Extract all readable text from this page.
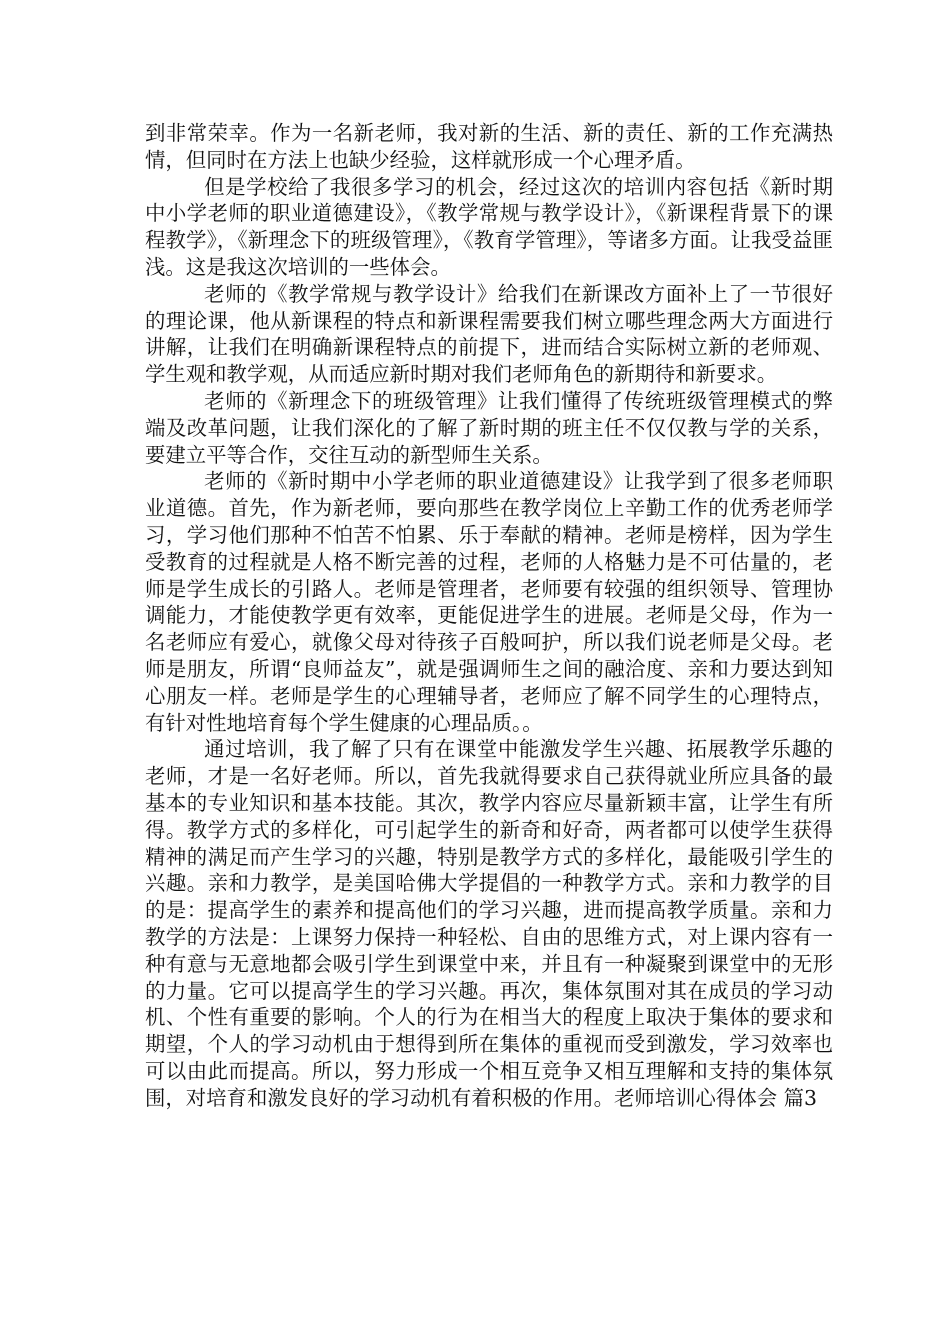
到非常荣幸。作为一名新老师，我对新的生活、新的责任、新的工作充满热情，但同时在方法上也缺少经验，这样就形成一个心理矛盾。

但是学校给了我很多学习的机会，经过这次的培训内容包括《新时期中小学老师的职业道德建设》，《教学常规与教学设计》，《新课程背景下的课程教学》，《新理念下的班级管理》，《教育学管理》，等诸多方面。让我受益匪浅。这是我这次培训的一些体会。

老师的《教学常规与教学设计》给我们在新课改方面补上了一节很好的理论课，他从新课程的特点和新课程需要我们树立哪些理念两大方面进行讲解，让我们在明确新课程特点的前提下，进而结合实际树立新的老师观、学生观和教学观，从而适应新时期对我们老师角色的新期待和新要求。

老师的《新理念下的班级管理》让我们懂得了传统班级管理模式的弊端及改革问题，让我们深化的了解了新时期的班主任不仅仅教与学的关系，要建立平等合作，交往互动的新型师生关系。

老师的《新时期中小学老师的职业道德建设》让我学到了很多老师职业道德。首先，作为新老师，要向那些在教学岗位上辛勤工作的优秀老师学习，学习他们那种不怕苦不怕累、乐于奉献的精神。老师是榜样，因为学生受教育的过程就是人格不断完善的过程，老师的人格魅力是不可估量的，老师是学生成长的引路人。老师是管理者，老师要有较强的组织领导、管理协调能力，才能使教学更有效率，更能促进学生的进展。老师是父母，作为一名老师应有爱心，就像父母对待孩子百般呵护，所以我们说老师是父母。老师是朋友，所谓“良师益友”，就是强调师生之间的融洽度、亲和力要达到知心朋友一样。老师是学生的心理辅导者，老师应了解不同学生的心理特点，有针对性地培育每个学生健康的心理品质。。

通过培训，我了解了只有在课堂中能激发学生兴趣、拓展教学乐趣的老师，才是一名好老师。所以，首先我就得要求自己获得就业所应具备的最基本的专业知识和基本技能。其次，教学内容应尽量新颖丰富，让学生有所得。教学方式的多样化，可引起学生的新奇和好奇，两者都可以使学生获得精神的满足而产生学习的兴趣，特别是教学方式的多样化，最能吸引学生的兴趣。亲和力教学，是美国哈佛大学提倡的一种教学方式。亲和力教学的目的是：提高学生的素养和提高他们的学习兴趣，进而提高教学质量。亲和力教学的方法是：上课努力保持一种轻松、自由的思维方式，对上课内容有一种有意与无意地都会吸引学生到课堂中来，并且有一种凝聚到课堂中的无形的力量。它可以提高学生的学习兴趣。再次，集体氛围对其在成员的学习动机、个性有重要的影响。个人的行为在相当大的程度上取决于集体的要求和期望，个人的学习动机由于想得到所在集体的重视而受到激发，学习效率也可以由此而提高。所以，努力形成一个相互竞争又相互理解和支持的集体氛围，对培育和激发良好的学习动机有着积极的作用。老师培训心得体会 篇3
